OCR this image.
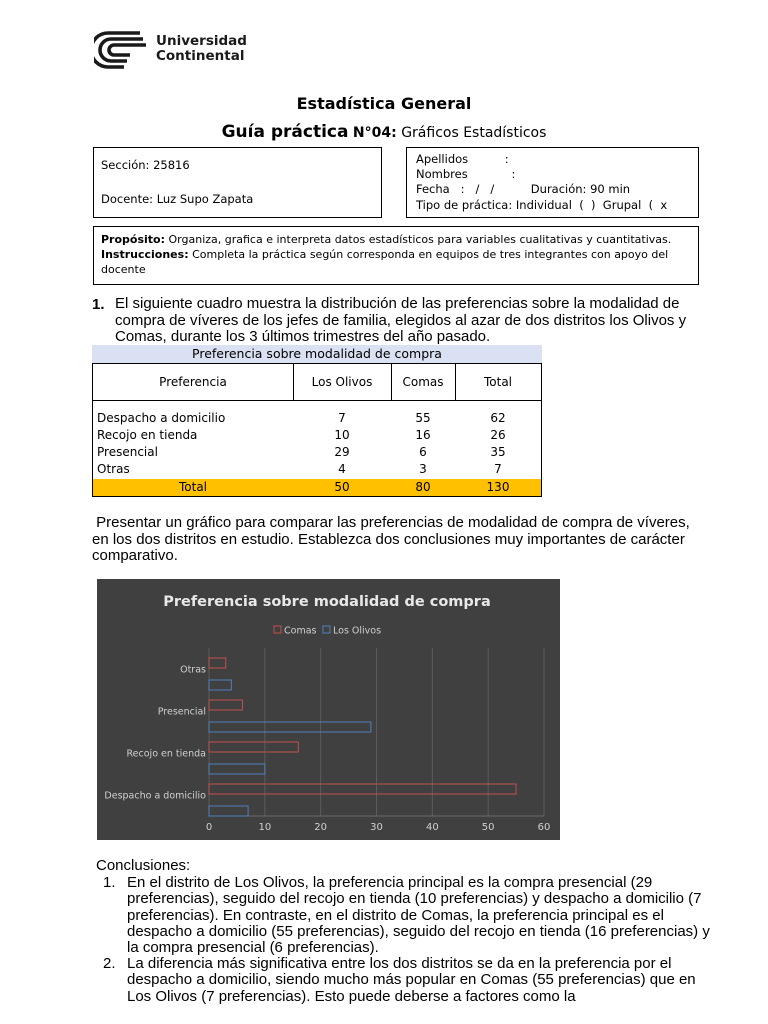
Universidad
Continental
Estadística General
Guía práctica N°04: Gráficos Estadísticos
Sección: 25816
Docente: Luz Supo Zapata
Apellidos          :
Nombres            :
Fecha   :   /   /          Duración: 90 min
Tipo de práctica: Individual  (  )  Grupal  (  x
Propósito: Organiza, grafica e interpreta datos estadísticos para variables cualitativas y cuantitativas.
Instrucciones: Completa la práctica según corresponda en equipos de tres integrantes con apoyo del docente
1. El siguiente cuadro muestra la distribución de las preferencias sobre la modalidad de compra de víveres de los jefes de familia, elegidos al azar de dos distritos los Olivos y Comas, durante los 3 últimos trimestres del año pasado.
Preferencia sobre modalidad de compra
Preferencia	Los Olivos	Comas	Total
Despacho a domicilio	7	55	62
Recojo en tienda	10	16	26
Presencial	29	6	35
Otras	4	3	7
Total	50	80	130
Presentar un gráfico para comparar las preferencias de modalidad de compra de víveres, en los dos distritos en estudio. Establezca dos conclusiones muy importantes de carácter comparativo.
Preferencia sobre modalidad de compra
Comas Los Olivos
0	10	20	30	40	50	60
Despacho a domicilio
Recojo en tienda
Presencial
Otras
Conclusiones:
1. En el distrito de Los Olivos, la preferencia principal es la compra presencial (29 preferencias), seguido del recojo en tienda (10 preferencias) y despacho a domicilio (7 preferencias). En contraste, en el distrito de Comas, la preferencia principal es el despacho a domicilio (55 preferencias), seguido del recojo en tienda (16 preferencias) y la compra presencial (6 preferencias).
2. La diferencia más significativa entre los dos distritos se da en la preferencia por el despacho a domicilio, siendo mucho más popular en Comas (55 preferencias) que en Los Olivos (7 preferencias). Esto puede deberse a factores como la
